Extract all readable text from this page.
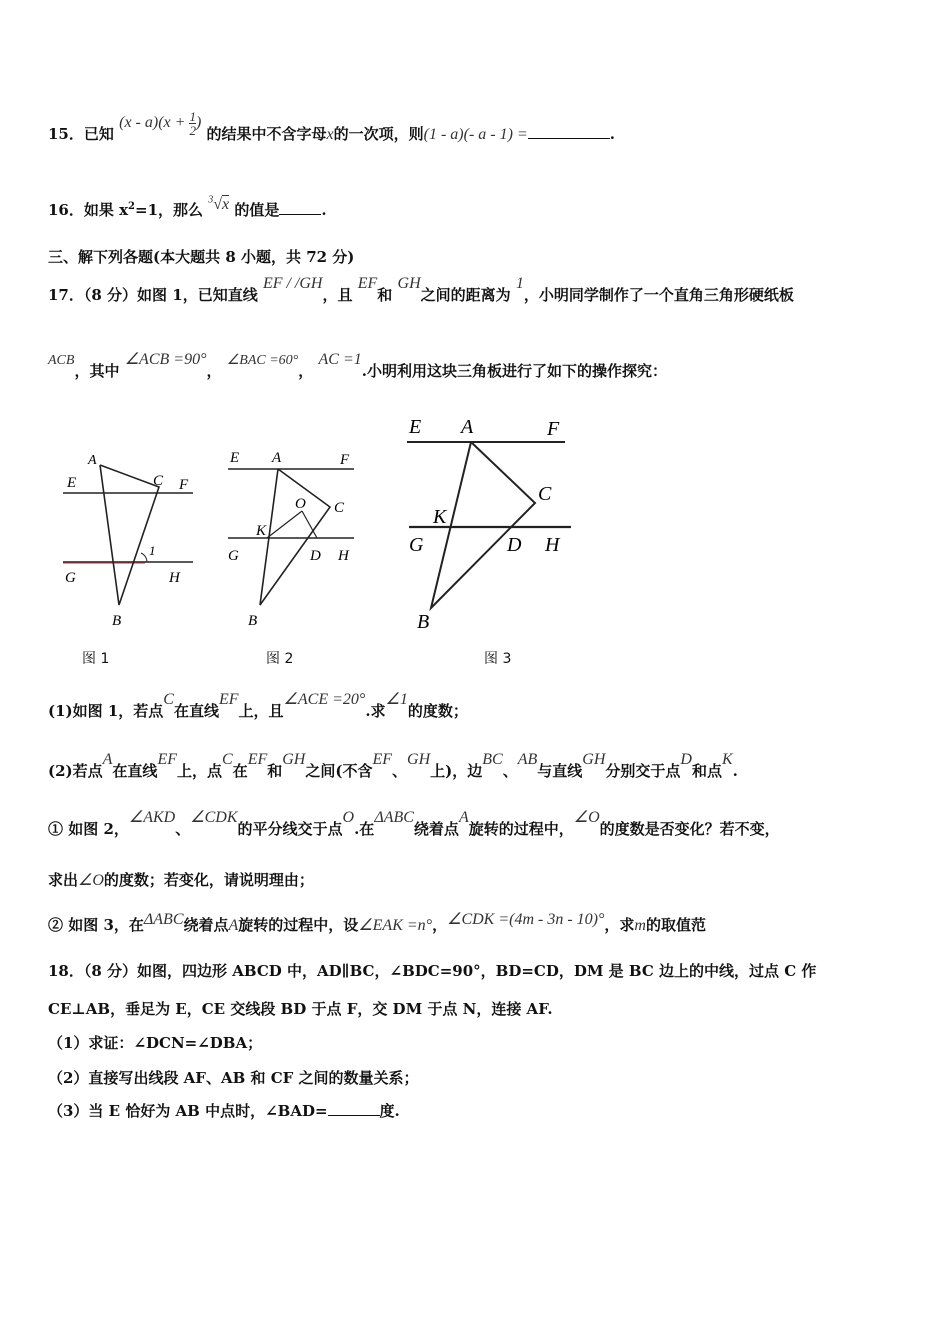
15．已知 $(x - a)(x + \frac{1}{2}$ ) 的结果中不含字母x的一次项，则(1 - a)(- a - 1) =	.
16．如果 $x^2=1$，那么 $^3$√x 的值是	.
三、解下列各题(本大题共 8 小题，共 72 分)
17．（8 分）如图 1，已知直线 EF / /GH，且 EF和 GH之间的距离为 1，小明同学制作了一个直角三角形硬纸板
ACB，其中 ∠ACB =90°， ∠BAC =60°， AC =1.小明利用这块三角板进行了如下的操作探究：
A
C
E	F
G	H
B
1
图 1
E A	F
O C
K
G	D H
B
图 2
E A	F
C
K
G	D H
B
图 3
(1)如图 1，若点C在直线EF上，且∠ACE =20°.求∠1的度数；
(2)若点A在直线EF上，点C在EF和GH之间(不含EF、GH上)，边BC、AB与直线GH分别交于点D和点K.
① 如图 2，∠AKD、∠CDK的平分线交于点O.在ΔABC绕着点A旋转的过程中，∠O的度数是否变化？若不变，
求出∠O的度数；若变化，请说明理由；
② 如图 3，在ΔABC绕着点A旋转的过程中，设∠EAK =n°，∠CDK =(4m - 3n - 10)°，求m的取值范
18．（8 分）如图，四边形 ABCD 中，AD∥BC，∠BDC=90°，BD=CD，DM 是 BC 边上的中线，过点 C 作
CE⊥AB，垂足为 E，CE 交线段 BD 于点 F，交 DM 于点 N，连接 AF.
（1）求证：∠DCN=∠DBA；
（2）直接写出线段 AF、AB 和 CF 之间的数量关系；
（3）当 E 恰好为 AB 中点时，∠BAD=	度.
